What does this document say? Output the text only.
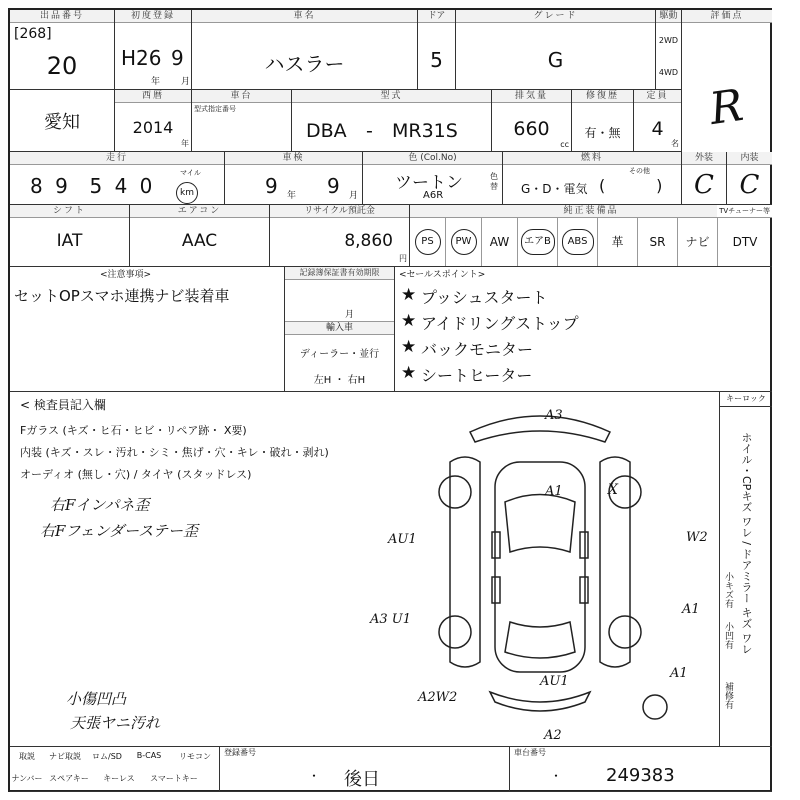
出品番号
[268]
20
初度登録
H26 9
年 月
車名
ハスラー
ドア
5
グレード
G
駆動
2WD
4WD
評価点
R
愛知
西暦
2014
年
車台
型式指定番号
型式
DBA - MR31S
排気量
660
cc
修復歴
有・無
定員
4
名
走行
8 9  5 4 0
マイル
km
車検
9 年 9 月
色 (Col.No)
ツートン
A6R
色替
燃料
G・D・電気
その他
(          )
外装
C
内装
C
シフト
IAT
エアコン
AAC
リサイクル預託金
8,860
円
純正装備品	TVチューナー等
PS	PW	AW	エアB	ABS	革	SR	ナビ	DTV
<注意事項>
セットOPスマホ連携ナビ装着車
記録簿保証書有効期限
月
輸入車
ディーラー・並行
左H ・ 右H
<セールスポイント>
★ プッシュスタート
★ アイドリングストップ
★ バックモニター
★ シートヒーター
< 検査員記入欄
Fガラス (キズ・ヒ石・ヒビ・リペア跡・ X要)
内装 (キズ・スレ・汚れ・シミ・焦げ・穴・キレ・破れ・剥れ)
オーディオ (無し・穴) / タイヤ (スタッドレス)
右Fインパネ歪
右Fフェンダーステー歪
小傷凹凸
天張ヤニ汚れ
A3
A1	X
AU1	W2
A3 U1
A1
A1
AU1
A2W2
A2
キーロック
ホイル・CPキズ ワレ / ドアミラー キズ ワレ
小キズ有
小凹有
補修有
取説	ナビ取説	ロム/SD	B-CAS	リモコン
ナンバー スペアキー	キーレス	スマートキー
登録番号
・ 後日
車台番号
・ 249383
